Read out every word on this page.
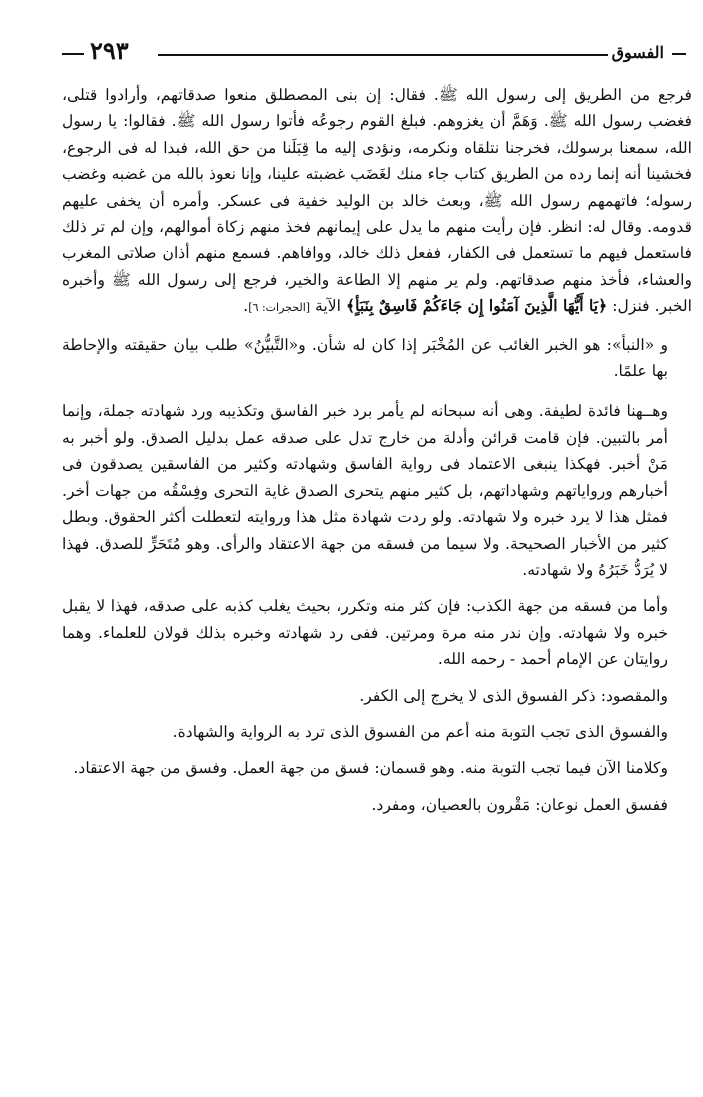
الفسوق
٢٩٣

فرجع من الطريق إلى رسول الله ﷺ. فقال: إن بنى المصطلق منعوا صدقاتهم، وأرادوا قتلى، فغضب رسول الله ﷺ. وَهَمَّ أن يغزوهم. فبلغ القوم رجوعُه فأتوا رسول الله ﷺ. فقالوا: يا رسول الله، سمعنا برسولك، فخرجنا نتلقاه ونكرمه، ونؤدى إليه ما قِبَلَنا من حق الله، فبدا له فى الرجوع، فخشينا أنه إنما رده من الطريق كتاب جاء منك لغَضَب غضبته علينا، وإنا نعوذ بالله من غضبه وغضب رسوله؛ فاتهمهم رسول الله ﷺ، وبعث خالد بن الوليد خفية فى عسكر. وأمره أن يخفى عليهم قدومه. وقال له: انظر. فإن رأيت منهم ما يدل على إيمانهم فخذ منهم زكاة أموالهم، وإن لم تر ذلك فاستعمل فيهم ما تستعمل فى الكفار، ففعل ذلك خالد، ووافاهم. فسمع منهم أذان صلاتى المغرب والعشاء، فأخذ منهم صدقاتهم. ولم ير منهم إلا الطاعة والخير، فرجع إلى رسول الله ﷺ وأخبره الخبر. فنزل: ﴿يَا أَيُّهَا الَّذِينَ آمَنُوا إِن جَاءَكُمْ فَاسِقٌ بِنَبَأٍ﴾ الآية [الحجرات: ٦].

و «النبأ»: هو الخبر الغائب عن المُخْبَر إذا كان له شأن. و«التَّبيُّنُ» طلب بيان حقيقته والإحاطة بها علمًا.

وهــهنا فائدة لطيفة. وهى أنه سبحانه لم يأمر برد خبر الفاسق وتكذيبه ورد شهادته جملة، وإنما أمر بالتبين. فإن قامت قرائن وأدلة من خارج تدل على صدقه عمل بدليل الصدق. ولو أخبر به مَنْ أخبر. فهكذا ينبغى الاعتماد فى رواية الفاسق وشهادته وكثير من الفاسقين يصدقون فى أخبارهم ورواياتهم وشهاداتهم، بل كثير منهم يتحرى الصدق غاية التحرى وفِسْقُه من جهات أخر. فمثل هذا لا يرد خبره ولا شهادته. ولو ردت شهادة مثل هذا وروايته لتعطلت أكثر الحقوق. وبطل كثير من الأخبار الصحيحة. ولا سيما من فسقه من جهة الاعتقاد والرأى. وهو مُتَحَرٍّ للصدق. فهذا لا يُرَدُّ خَبَرُهُ ولا شهادته.

وأما من فسقه من جهة الكذب: فإن كثر منه وتكرر، بحيث يغلب كذبه على صدقه، فهذا لا يقبل خبره ولا شهادته. وإن ندر منه مرة ومرتين. ففى رد شهادته وخبره بذلك قولان للعلماء. وهما روايتان عن الإمام أحمد - رحمه الله.

والمقصود: ذكر الفسوق الذى لا يخرج إلى الكفر.

والفسوق الذى تجب التوبة منه أعم من الفسوق الذى ترد به الرواية والشهادة.

وكلامنا الآن فيما تجب التوبة منه. وهو قسمان: فسق من جهة العمل. وفسق من جهة الاعتقاد.

ففسق العمل نوعان: مَقْرون بالعصيان، ومفرد.
